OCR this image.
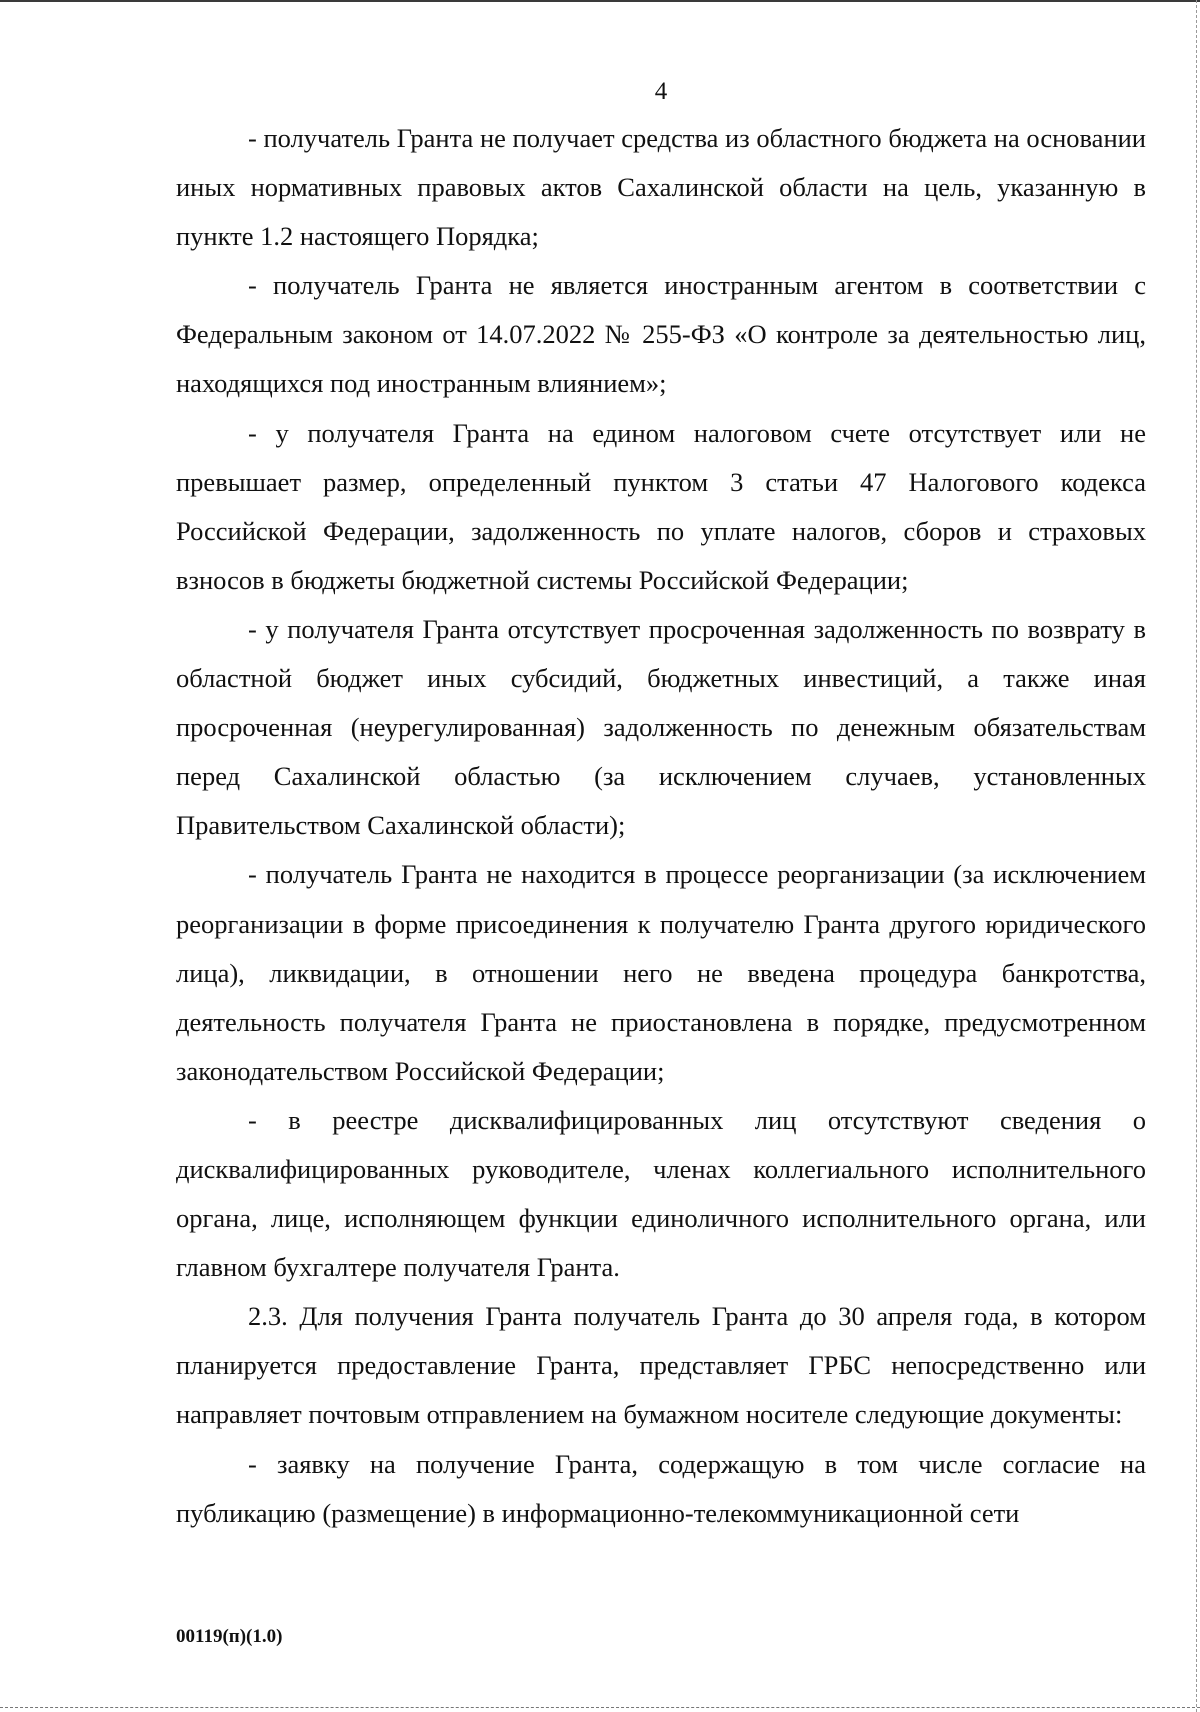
4

- получатель Гранта не получает средства из областного бюджета на основании иных нормативных правовых актов Сахалинской области на цель, указанную в пункте 1.2 настоящего Порядка;

- получатель Гранта не является иностранным агентом в соответствии с Федеральным законом от 14.07.2022 № 255-ФЗ «О контроле за деятельностью лиц, находящихся под иностранным влиянием»;

- у получателя Гранта на едином налоговом счете отсутствует или не превышает размер, определенный пунктом 3 статьи 47 Налогового кодекса Российской Федерации, задолженность по уплате налогов, сборов и страховых взносов в бюджеты бюджетной системы Российской Федерации;

- у получателя Гранта отсутствует просроченная задолженность по возврату в областной бюджет иных субсидий, бюджетных инвестиций, а также иная просроченная (неурегулированная) задолженность по денежным обязательствам перед Сахалинской областью (за исключением случаев, установленных Правительством Сахалинской области);

- получатель Гранта не находится в процессе реорганизации (за исключением реорганизации в форме присоединения к получателю Гранта другого юридического лица), ликвидации, в отношении него не введена процедура банкротства, деятельность получателя Гранта не приостановлена в порядке, предусмотренном законодательством Российской Федерации;

- в реестре дисквалифицированных лиц отсутствуют сведения о дисквалифицированных руководителе, членах коллегиального исполнительного органа, лице, исполняющем функции единоличного исполнительного органа, или главном бухгалтере получателя Гранта.

2.3. Для получения Гранта получатель Гранта до 30 апреля года, в котором планируется предоставление Гранта, представляет ГРБС непосредственно или направляет почтовым отправлением на бумажном носителе следующие документы:

- заявку на получение Гранта, содержащую в том числе согласие на публикацию (размещение) в информационно-телекоммуникационной сети

00119(п)(1.0)
